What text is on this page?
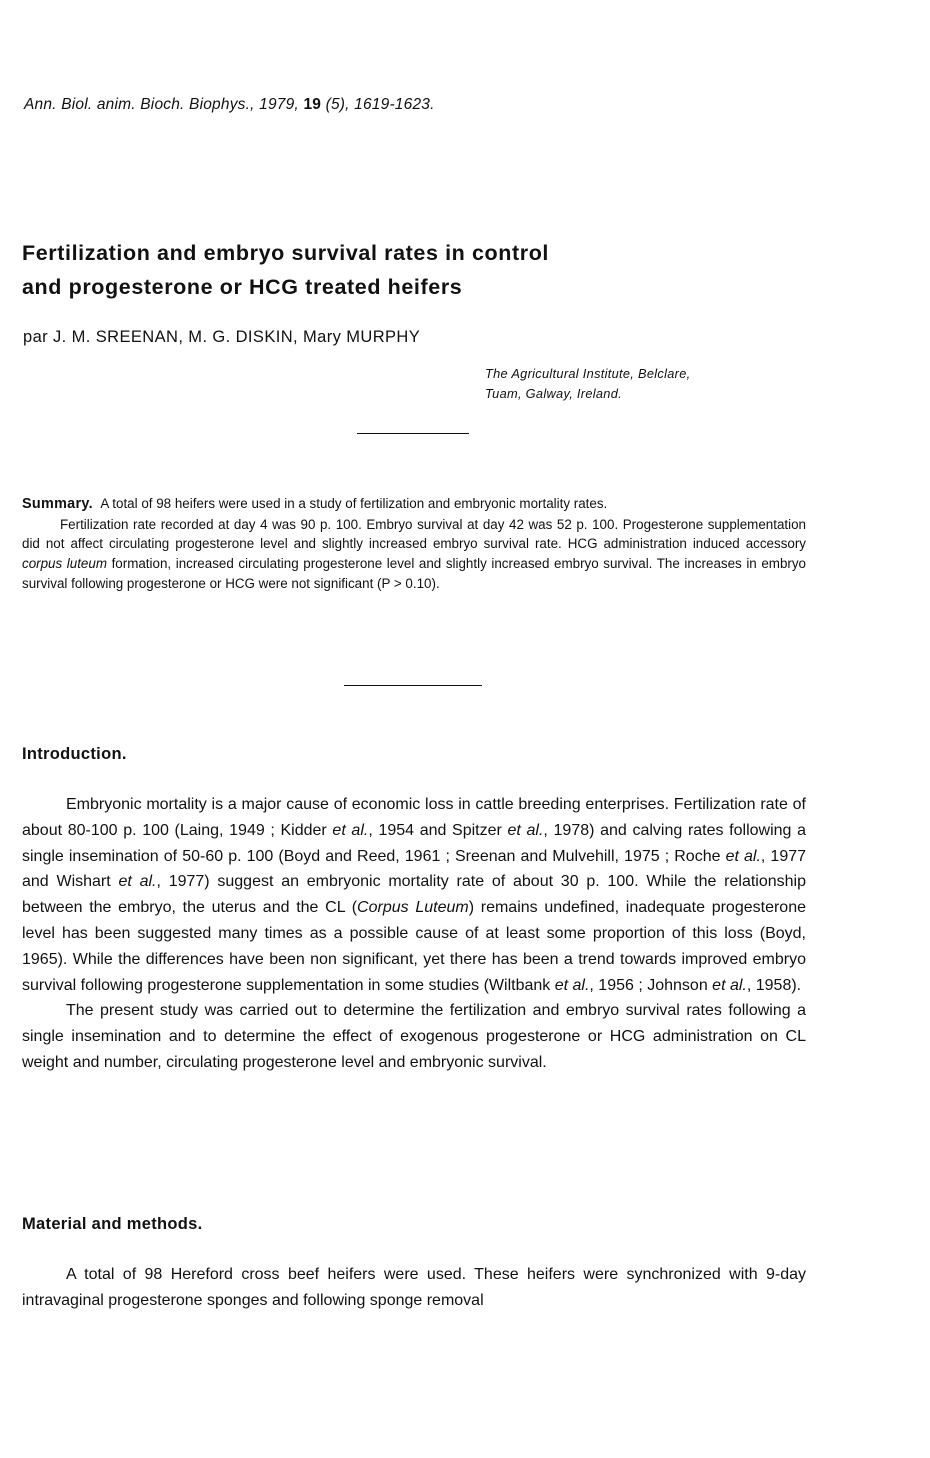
Ann. Biol. anim. Bioch. Biophys., 1979, 19 (5), 1619-1623.
Fertilization and embryo survival rates in control
and progesterone or HCG treated heifers
par J. M. SREENAN, M. G. DISKIN, Mary MURPHY
The Agricultural Institute, Belclare,
Tuam, Galway, Ireland.

Summary. A total of 98 heifers were used in a study of fertilization and embryonic mortality rates.

Fertilization rate recorded at day 4 was 90 p. 100. Embryo survival at day 42 was 52 p. 100. Progesterone supplementation did not affect circulating progesterone level and slightly increased embryo survival rate. HCG administration induced accessory corpus luteum formation, increased circulating progesterone level and slightly increased embryo survival. The increases in embryo survival following progesterone or HCG were not significant (P > 0.10).

Introduction.

Embryonic mortality is a major cause of economic loss in cattle breeding enterprises. Fertilization rate of about 80-100 p. 100 (Laing, 1949 ; Kidder et al., 1954 and Spitzer et al., 1978) and calving rates following a single insemination of 50-60 p. 100 (Boyd and Reed, 1961 ; Sreenan and Mulvehill, 1975 ; Roche et al., 1977 and Wishart et al., 1977) suggest an embryonic mortality rate of about 30 p. 100. While the relationship between the embryo, the uterus and the CL (Corpus Luteum) remains undefined, inadequate progesterone level has been suggested many times as a possible cause of at least some proportion of this loss (Boyd, 1965). While the differences have been non significant, yet there has been a trend towards improved embryo survival following progesterone supplementation in some studies (Wiltbank et al., 1956 ; Johnson et al., 1958).

The present study was carried out to determine the fertilization and embryo survival rates following a single insemination and to determine the effect of exogenous progesterone or HCG administration on CL weight and number, circulating progesterone level and embryonic survival.

Material and methods.

A total of 98 Hereford cross beef heifers were used. These heifers were synchronized with 9-day intravaginal progesterone sponges and following sponge removal
